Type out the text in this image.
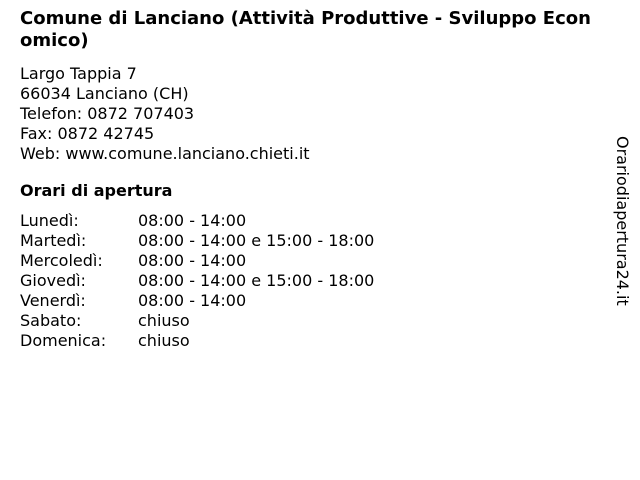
Comune di Lanciano (Attività Produttive - Sviluppo Economico)
Largo Tappia 7
66034 Lanciano (CH)
Telefon: 0872 707403
Fax: 0872 42745
Web: www.comune.lanciano.chieti.it
Orari di apertura
Lunedì:	08:00 - 14:00
Martedì:	08:00 - 14:00 e 15:00 - 18:00
Mercoledì:	08:00 - 14:00
Giovedì:	08:00 - 14:00 e 15:00 - 18:00
Venerdì:	08:00 - 14:00
Sabato:	chiuso
Domenica:	chiuso
Orariodiapertura24.it
